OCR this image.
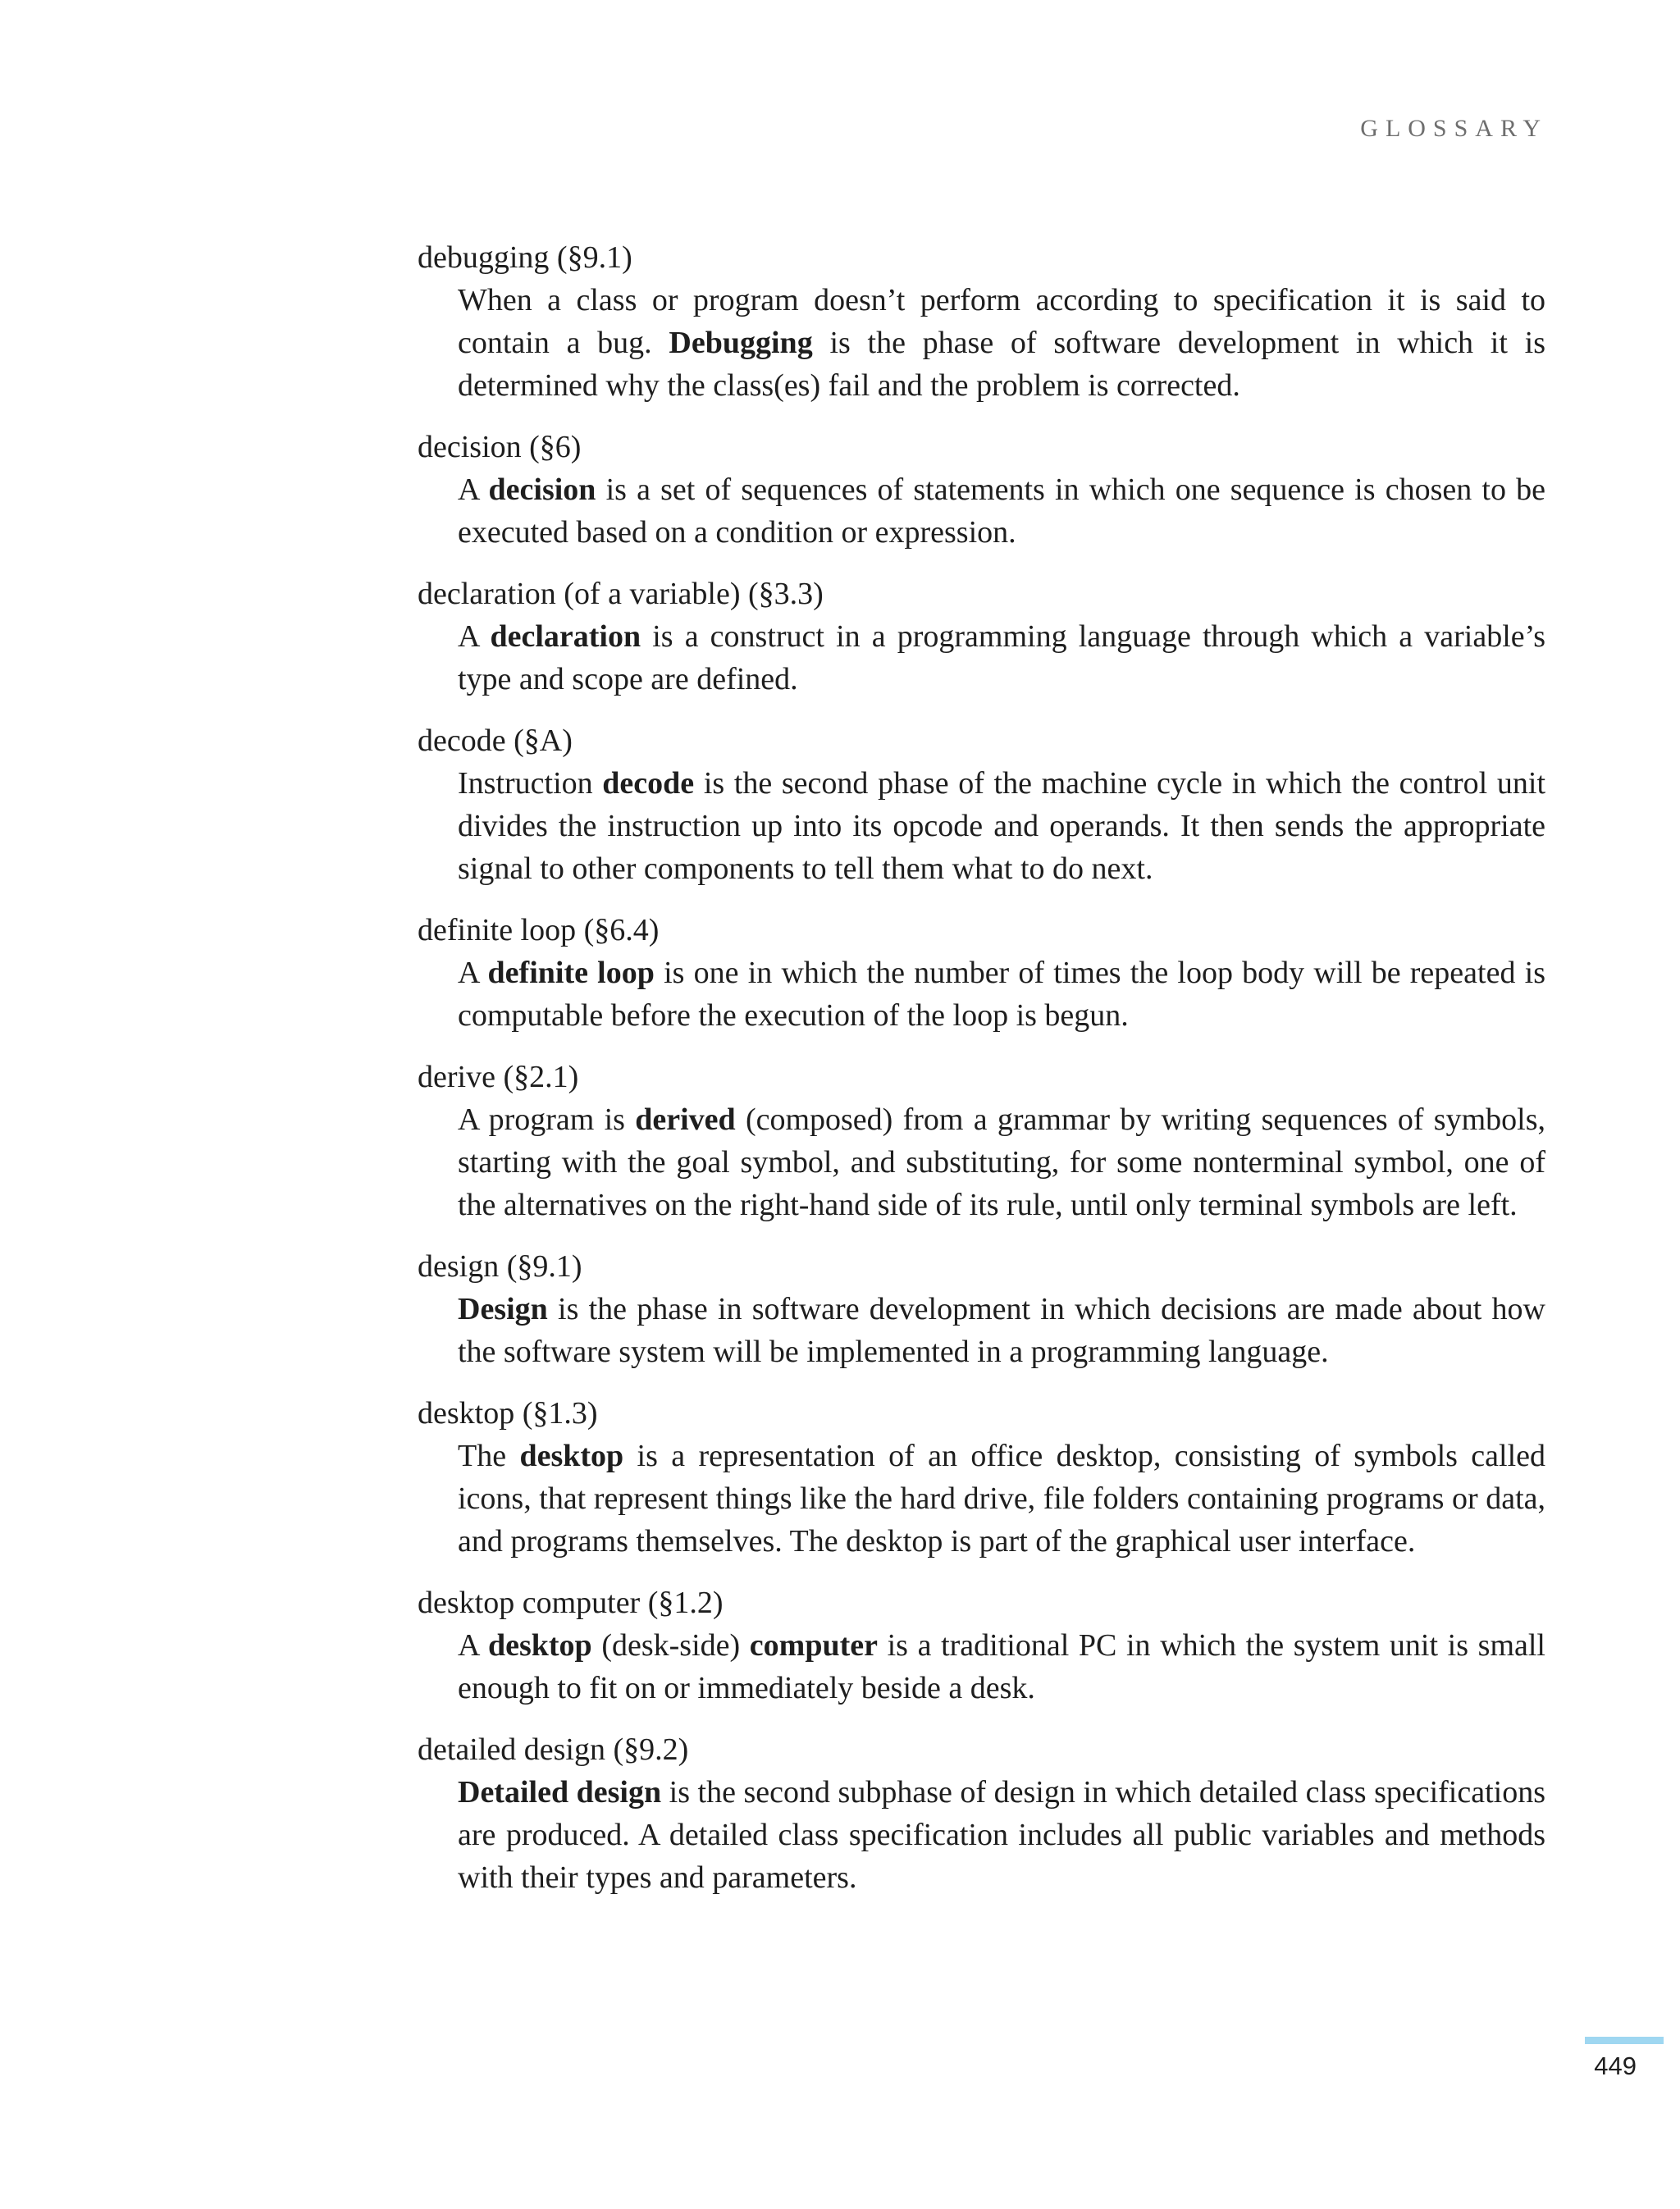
GLOSSARY

debugging (§9.1)

When a class or program doesn’t perform according to specification it is said to contain a bug. Debugging is the phase of software development in which it is determined why the class(es) fail and the problem is corrected.

decision (§6)

A decision is a set of sequences of statements in which one sequence is chosen to be executed based on a condition or expression.

declaration (of a variable) (§3.3)

A declaration is a construct in a programming language through which a variable’s type and scope are defined.

decode (§A)

Instruction decode is the second phase of the machine cycle in which the control unit divides the instruction up into its opcode and operands. It then sends the appropriate signal to other components to tell them what to do next.

definite loop (§6.4)

A definite loop is one in which the number of times the loop body will be repeated is computable before the execution of the loop is begun.

derive (§2.1)

A program is derived (composed) from a grammar by writing sequences of symbols, starting with the goal symbol, and substituting, for some nonterminal symbol, one of the alternatives on the right-hand side of its rule, until only terminal symbols are left.

design (§9.1)

Design is the phase in software development in which decisions are made about how the software system will be implemented in a programming language.

desktop (§1.3)

The desktop is a representation of an office desktop, consisting of symbols called icons, that represent things like the hard drive, file folders containing programs or data, and programs themselves. The desktop is part of the graphical user interface.

desktop computer (§1.2)

A desktop (desk-side) computer is a traditional PC in which the system unit is small enough to fit on or immediately beside a desk.

detailed design (§9.2)

Detailed design is the second subphase of design in which detailed class specifications are produced. A detailed class specification includes all public variables and methods with their types and parameters.

449
